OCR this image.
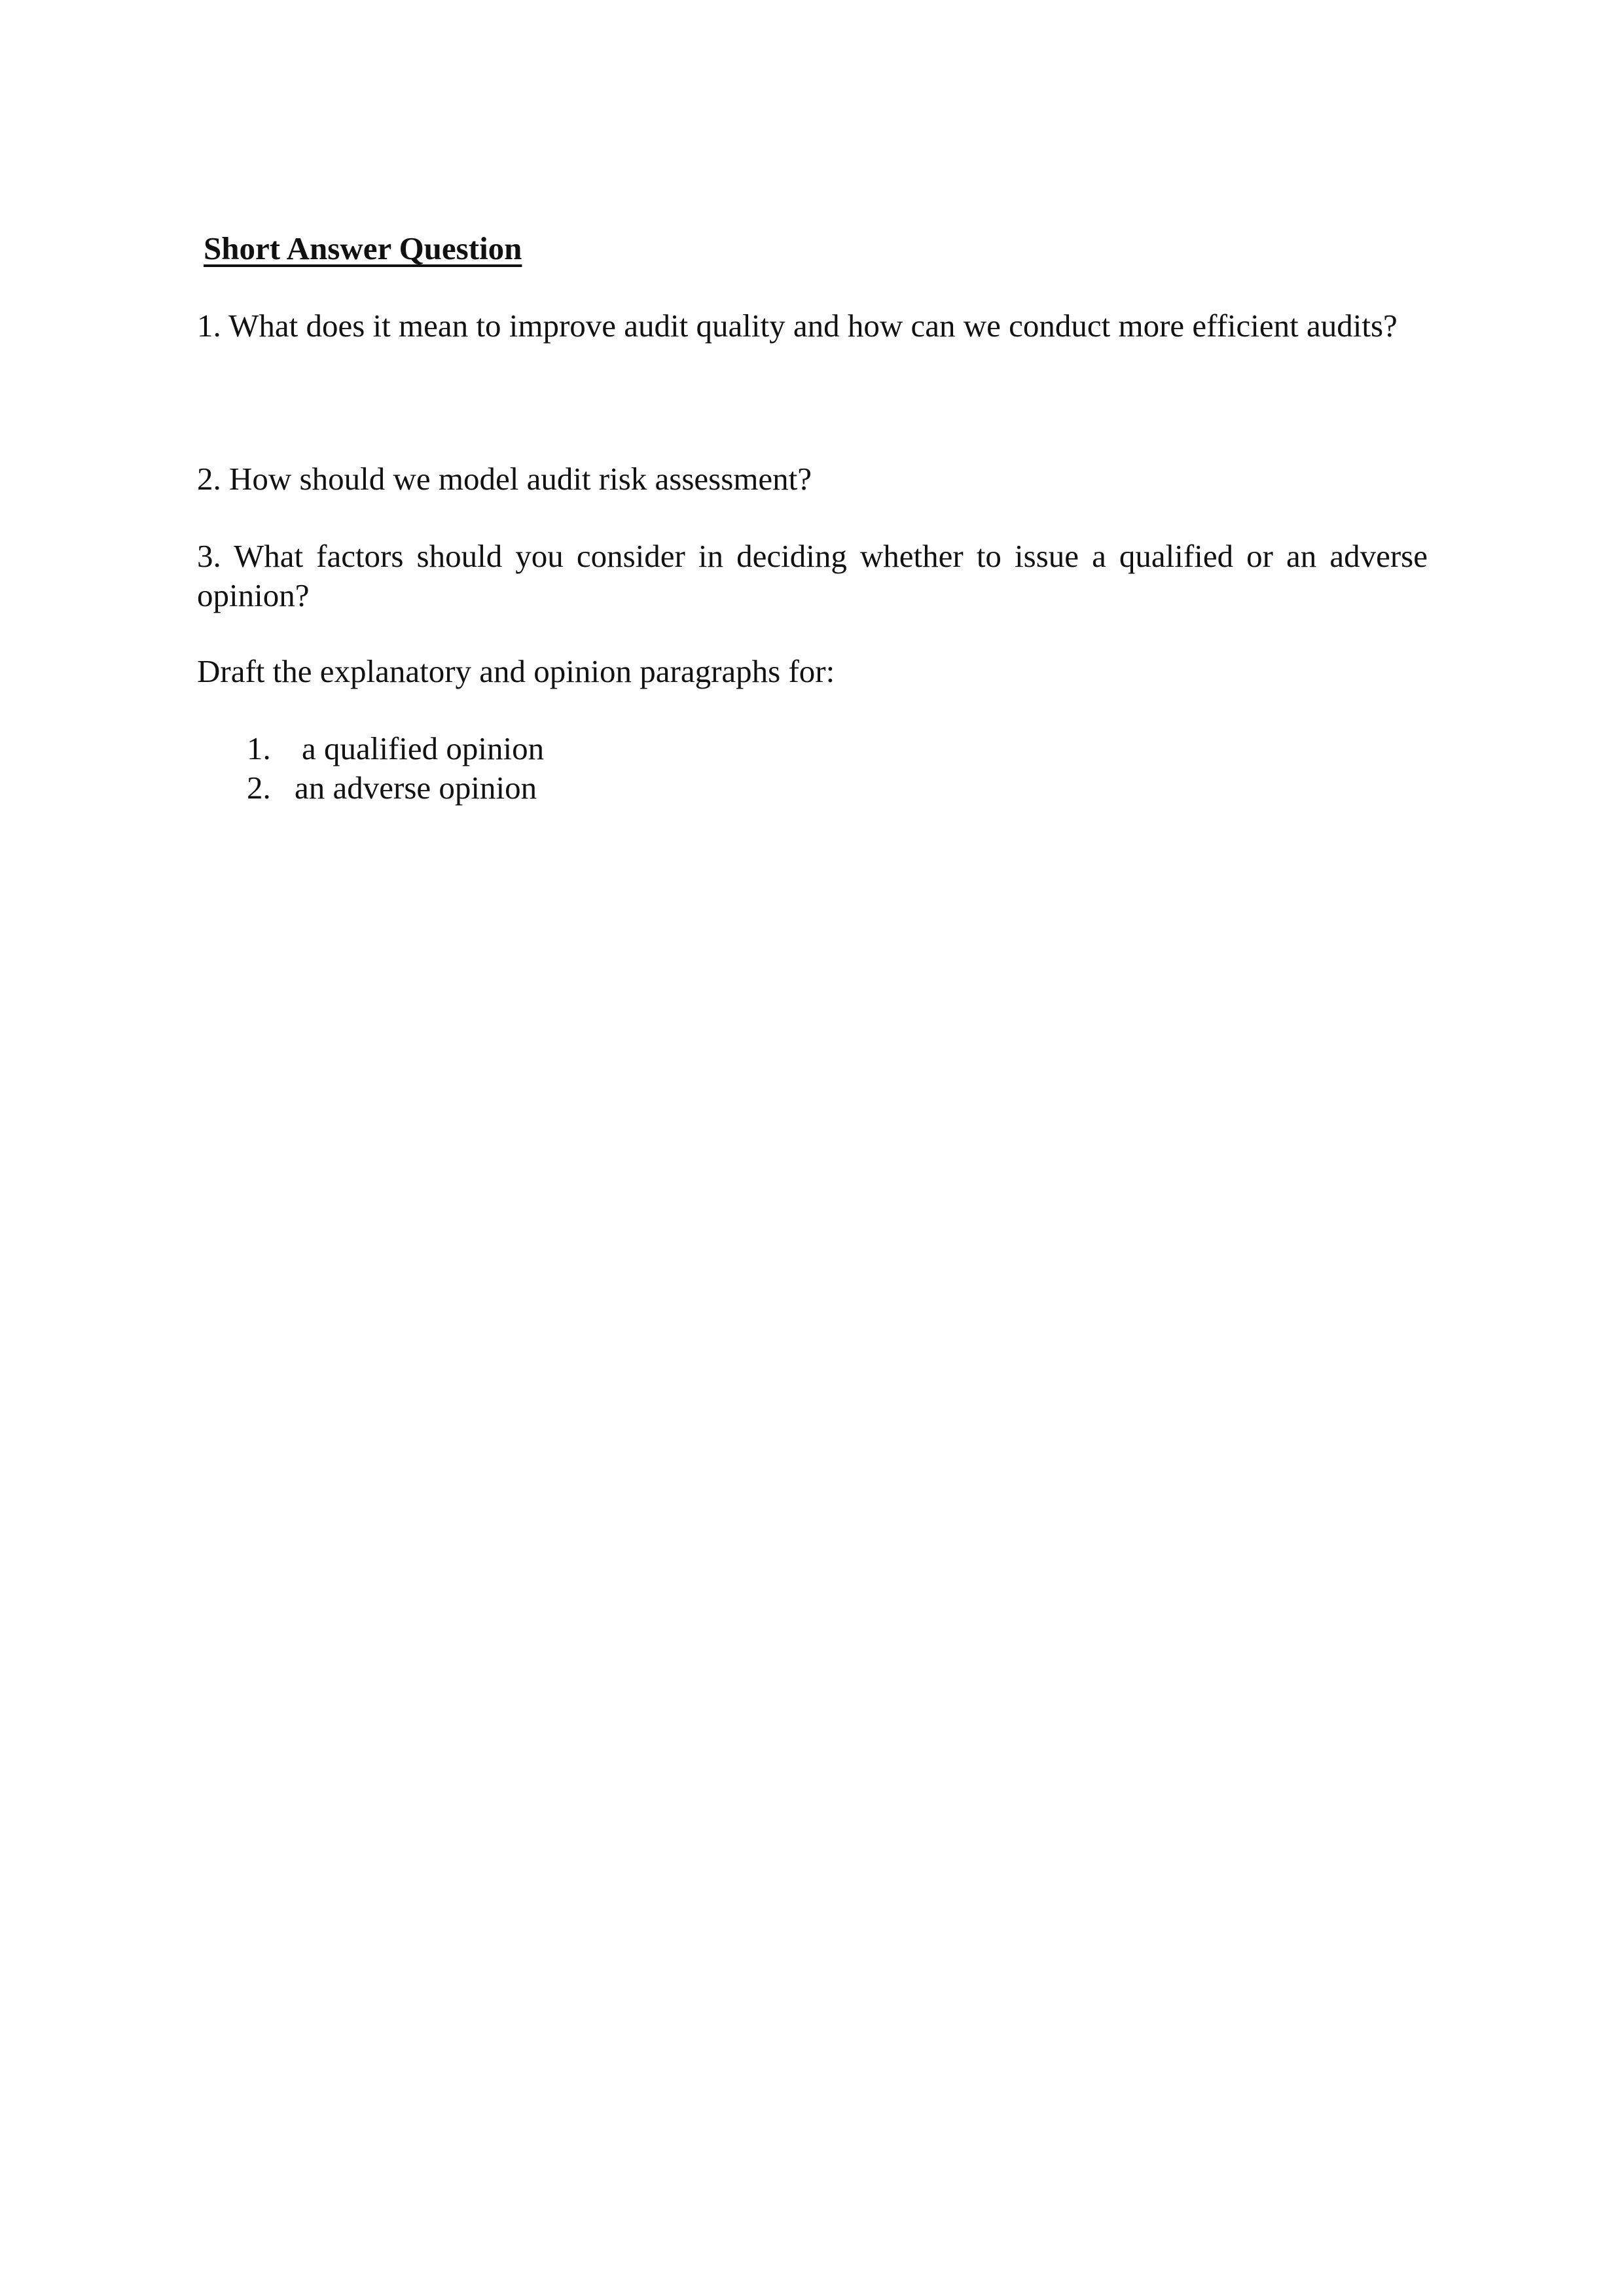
Short Answer Question
1. What does it mean to improve audit quality and how can we conduct more efficient audits?
2. How should we model audit risk assessment?
3. What factors should you consider in deciding whether to issue a qualified or an adverse opinion?
Draft the explanatory and opinion paragraphs for:
1. a qualified opinion
2. an adverse opinion
